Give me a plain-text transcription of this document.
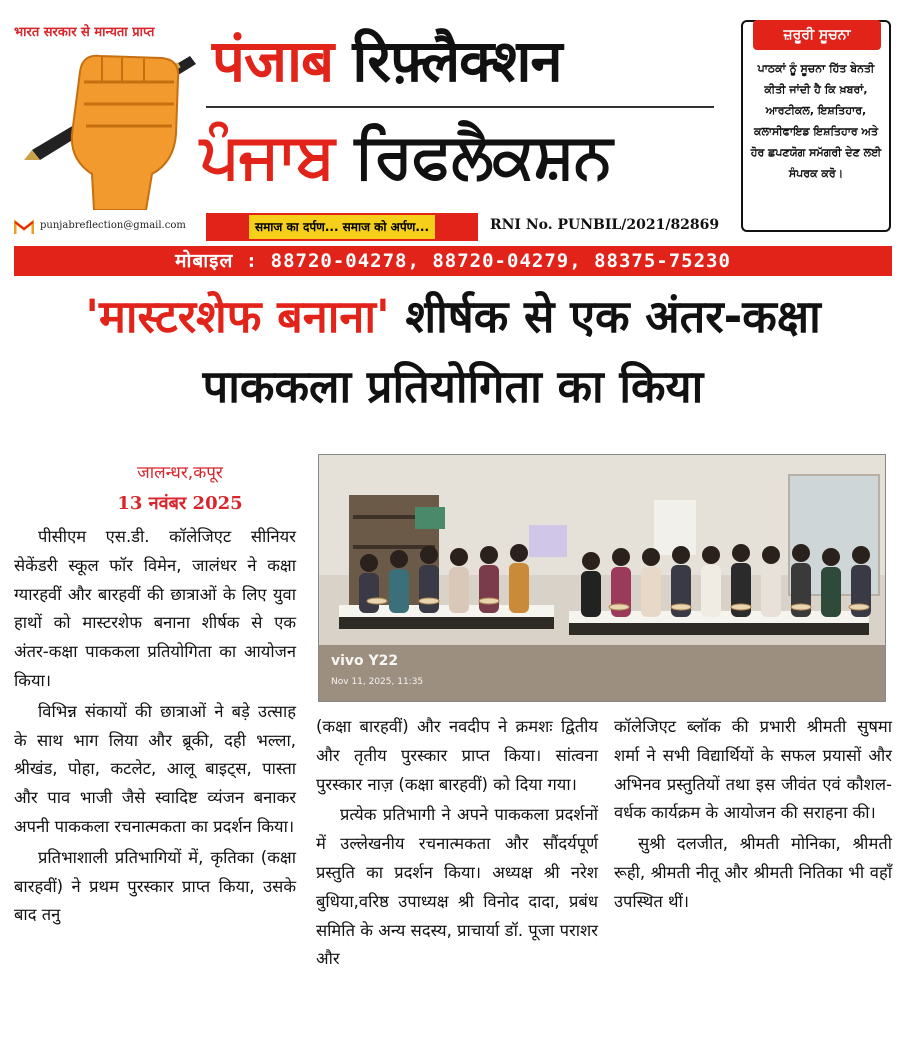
भारत सरकार से मान्यता प्राप्त पंजाब रिफ़्लैक्शन
ਪੰਜਾਬ ਰਿਫਲੈਕਸ਼ਨ
punjabreflection@gmail.com	समाज का दर्पण... समाज को अर्पण...	RNI No. PUNBIL/2021/82869
ਜ਼ਰੂਰੀ ਸੂਚਨਾ
ਪਾਠਕਾਂ ਨੂੰ ਸੂਚਨਾ ਹਿੱਤ ਬੇਨਤੀ ਕੀਤੀ ਜਾਂਦੀ ਹੈ ਕਿ ਖ਼ਬਰਾਂ, ਆਰਟੀਕਲ, ਇਸ਼ਤਿਹਾਰ, ਕਲਾਸੀਫਾਇਡ ਇਸ਼ਤਿਹਾਰ ਅਤੇ ਹੋਰ ਛਪਣਯੋਗ ਸਮੱਗਰੀ ਦੇਣ ਲਈ ਸੰਪਰਕ ਕਰੋ।
मोबाइल : 88720-04278, 88720-04279, 88375-75230
'मास्टरशेफ बनाना' शीर्षक से एक अंतर-कक्षा पाककला प्रतियोगिता का किया
जालन्धर,कपूर
13 नवंबर 2025
vivo Y22
Nov 11, 2025, 11:35

पीसीएम एस.डी. कॉलेजिएट सीनियर सेकेंडरी स्कूल फॉर विमेन, जालंधर ने कक्षा ग्यारहवीं और बारहवीं की छात्राओं के लिए युवा हाथों को मास्टरशेफ बनाना शीर्षक से एक अंतर-कक्षा पाककला प्रतियोगिता का आयोजन किया।

विभिन्न संकायों की छात्राओं ने बड़े उत्साह के साथ भाग लिया और ब्रूकी, दही भल्ला, श्रीखंड, पोहा, कटलेट, आलू बाइट्स, पास्ता और पाव भाजी जैसे स्वादिष्ट व्यंजन बनाकर अपनी पाककला रचनात्मकता का प्रदर्शन किया।

प्रतिभाशाली प्रतिभागियों में, कृतिका (कक्षा बारहवीं) ने प्रथम पुरस्कार प्राप्त किया, उसके बाद तनु

(कक्षा बारहवीं) और नवदीप ने क्रमशः द्वितीय और तृतीय पुरस्कार प्राप्त किया। सांत्वना पुरस्कार नाज़ (कक्षा बारहवीं) को दिया गया।

प्रत्येक प्रतिभागी ने अपने पाककला प्रदर्शनों में उल्लेखनीय रचनात्मकता और सौंदर्यपूर्ण प्रस्तुति का प्रदर्शन किया। अध्यक्ष श्री नरेश बुधिया,वरिष्ठ उपाध्यक्ष श्री विनोद दादा, प्रबंध समिति के अन्य सदस्य, प्राचार्या डॉ. पूजा पराशर और

कॉलेजिएट ब्लॉक की प्रभारी श्रीमती सुषमा शर्मा ने सभी विद्यार्थियों के सफल प्रयासों और अभिनव प्रस्तुतियों तथा इस जीवंत एवं कौशल-वर्धक कार्यक्रम के आयोजन की सराहना की।

सुश्री दलजीत, श्रीमती मोनिका, श्रीमती रूही, श्रीमती नीतू और श्रीमती नितिका भी वहाँ उपस्थित थीं।
